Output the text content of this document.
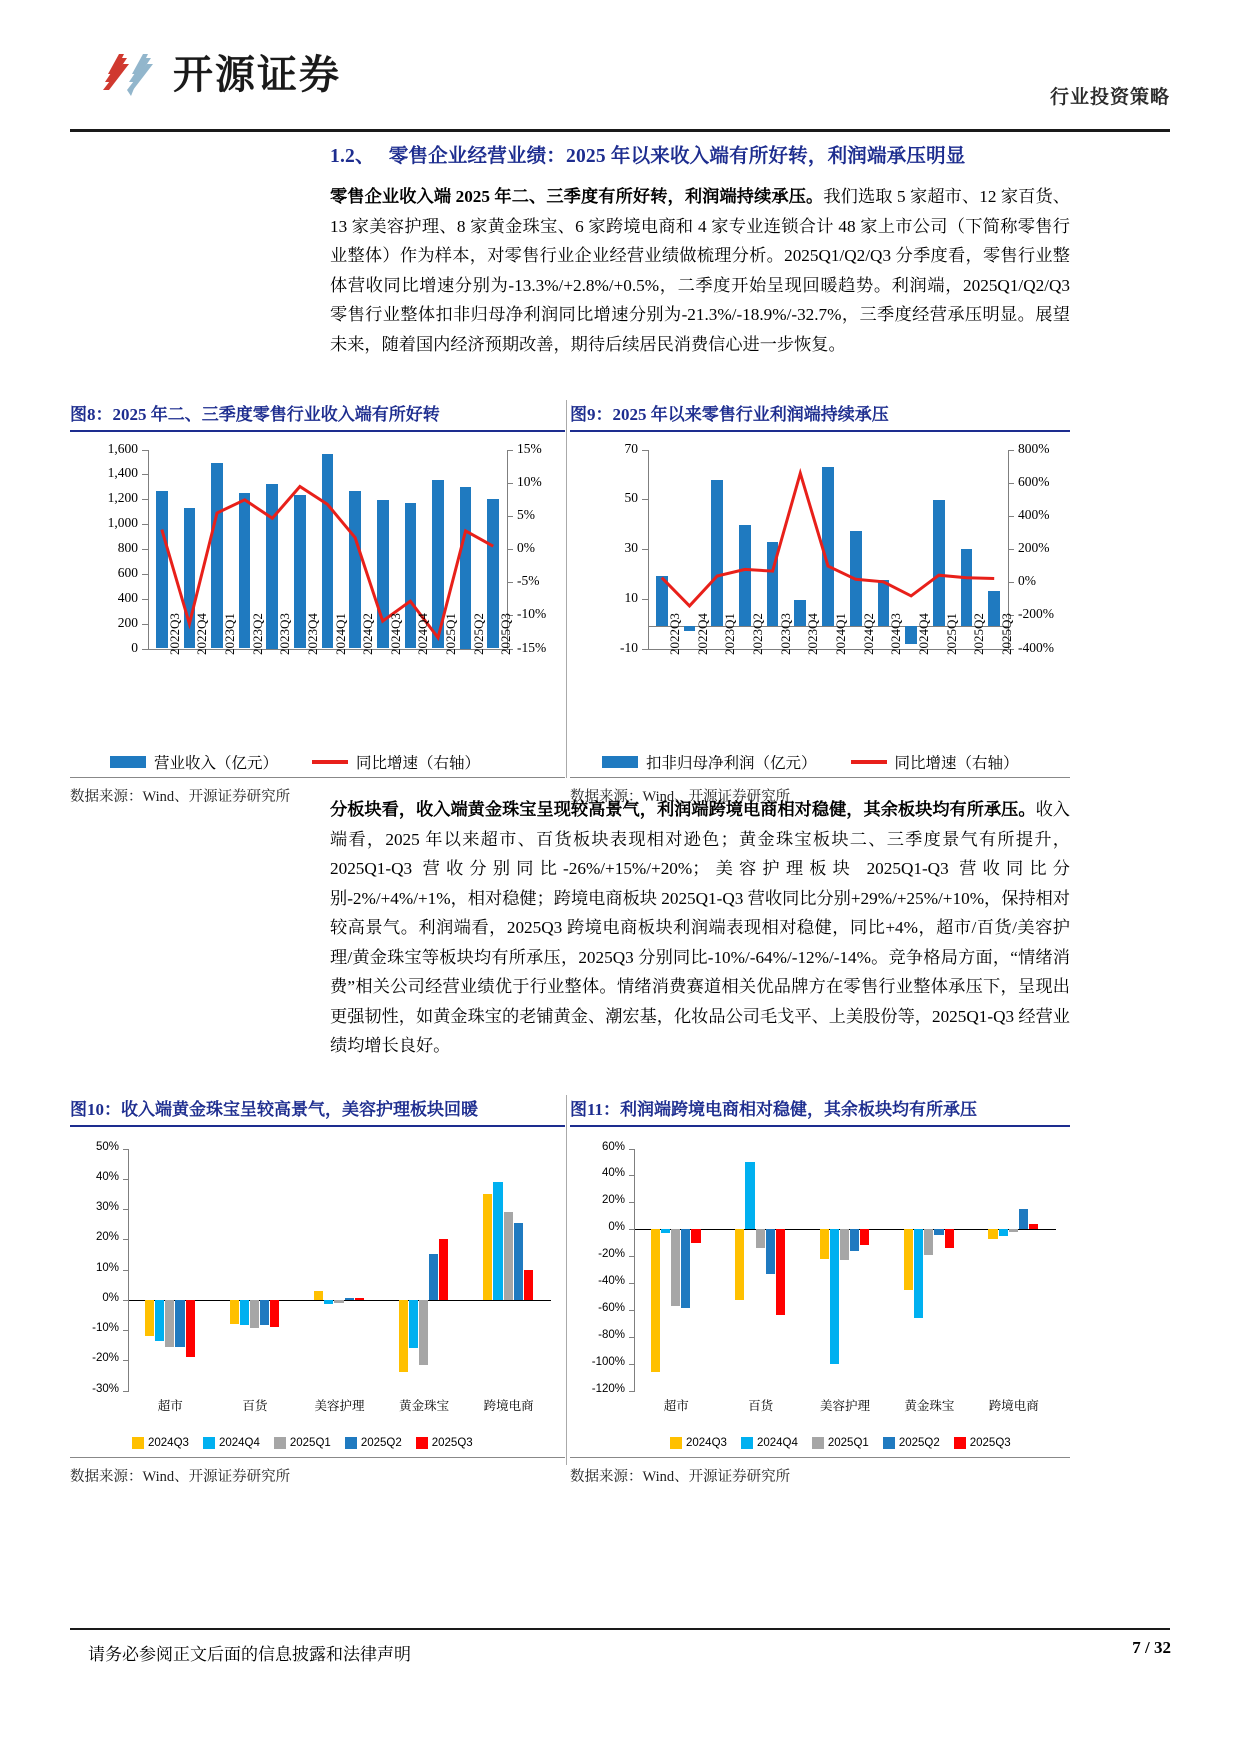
开源证券
行业投资策略
1.2、 零售企业经营业绩：2025 年以来收入端有所好转，利润端承压明显
零售企业收入端 2025 年二、三季度有所好转，利润端持续承压。我们选取 5 家超市、12 家百货、13 家美容护理、8 家黄金珠宝、6 家跨境电商和 4 家专业连锁合计 48 家上市公司（下简称零售行业整体）作为样本，对零售行业企业经营业绩做梳理分析。2025Q1/Q2/Q3 分季度看，零售行业整体营收同比增速分别为-13.3%/+2.8%/+0.5%，二季度开始呈现回暖趋势。利润端，2025Q1/Q2/Q3 零售行业整体扣非归母净利润同比增速分别为-21.3%/-18.9%/-32.7%，三季度经营承压明显。展望未来，随着国内经济预期改善，期待后续居民消费信心进一步恢复。
图8：2025 年二、三季度零售行业收入端有所好转
0
200
400
600
800
1,000
1,200
1,400
1,600
-15%
-10%
-5%
0%
5%
10%
15%
2022Q3 2022Q4 2023Q1 2023Q2 2023Q3 2023Q4 2024Q1 2024Q2 2024Q3 2024Q4 2025Q1 2025Q2 2025Q3
营业收入（亿元）	同比增速（右轴）
数据来源：Wind、开源证券研究所
图9：2025 年以来零售行业利润端持续承压
-10
10
30
50
70
-400%
-200%
0%
200%
400%
600%
800%
2022Q3 2022Q4 2023Q1 2023Q2 2023Q3 2023Q4 2024Q1 2024Q2 2024Q3 2024Q4 2025Q1 2025Q2 2025Q3
扣非归母净利润（亿元）	同比增速（右轴）
数据来源：Wind、开源证券研究所
分板块看，收入端黄金珠宝呈现较高景气，利润端跨境电商相对稳健，其余板块均有所承压。收入端看，2025 年以来超市、百货板块表现相对逊色；黄金珠宝板块二、三季度景气有所提升，2025Q1-Q3 营收分别同比-26%/+15%/+20%；美容护理板块 2025Q1-Q3 营收同比分别-2%/+4%/+1%，相对稳健；跨境电商板块 2025Q1-Q3 营收同比分别+29%/+25%/+10%，保持相对较高景气。利润端看，2025Q3 跨境电商板块利润端表现相对稳健，同比+4%，超市/百货/美容护理/黄金珠宝等板块均有所承压，2025Q3 分别同比-10%/-64%/-12%/-14%。竞争格局方面，“情绪消费”相关公司经营业绩优于行业整体。情绪消费赛道相关优品牌方在零售行业整体承压下，呈现出更强韧性，如黄金珠宝的老铺黄金、潮宏基，化妆品公司毛戈平、上美股份等，2025Q1-Q3 经营业绩均增长良好。
图10：收入端黄金珠宝呈较高景气，美容护理板块回暖
-30%
-20%
-10%
0%
10%
20%
30%
40%
50%
超市	百货	美容护理	黄金珠宝	跨境电商
2024Q3	2024Q4	2025Q1	2025Q2	2025Q3
数据来源：Wind、开源证券研究所
图11：利润端跨境电商相对稳健，其余板块均有所承压
-120%
-100%
-80%
-60%
-40%
-20%
0%
20%
40%
60%
超市	百货	美容护理	黄金珠宝	跨境电商
2024Q3	2024Q4	2025Q1	2025Q2	2025Q3
数据来源：Wind、开源证券研究所
请务必参阅正文后面的信息披露和法律声明	7 / 32
